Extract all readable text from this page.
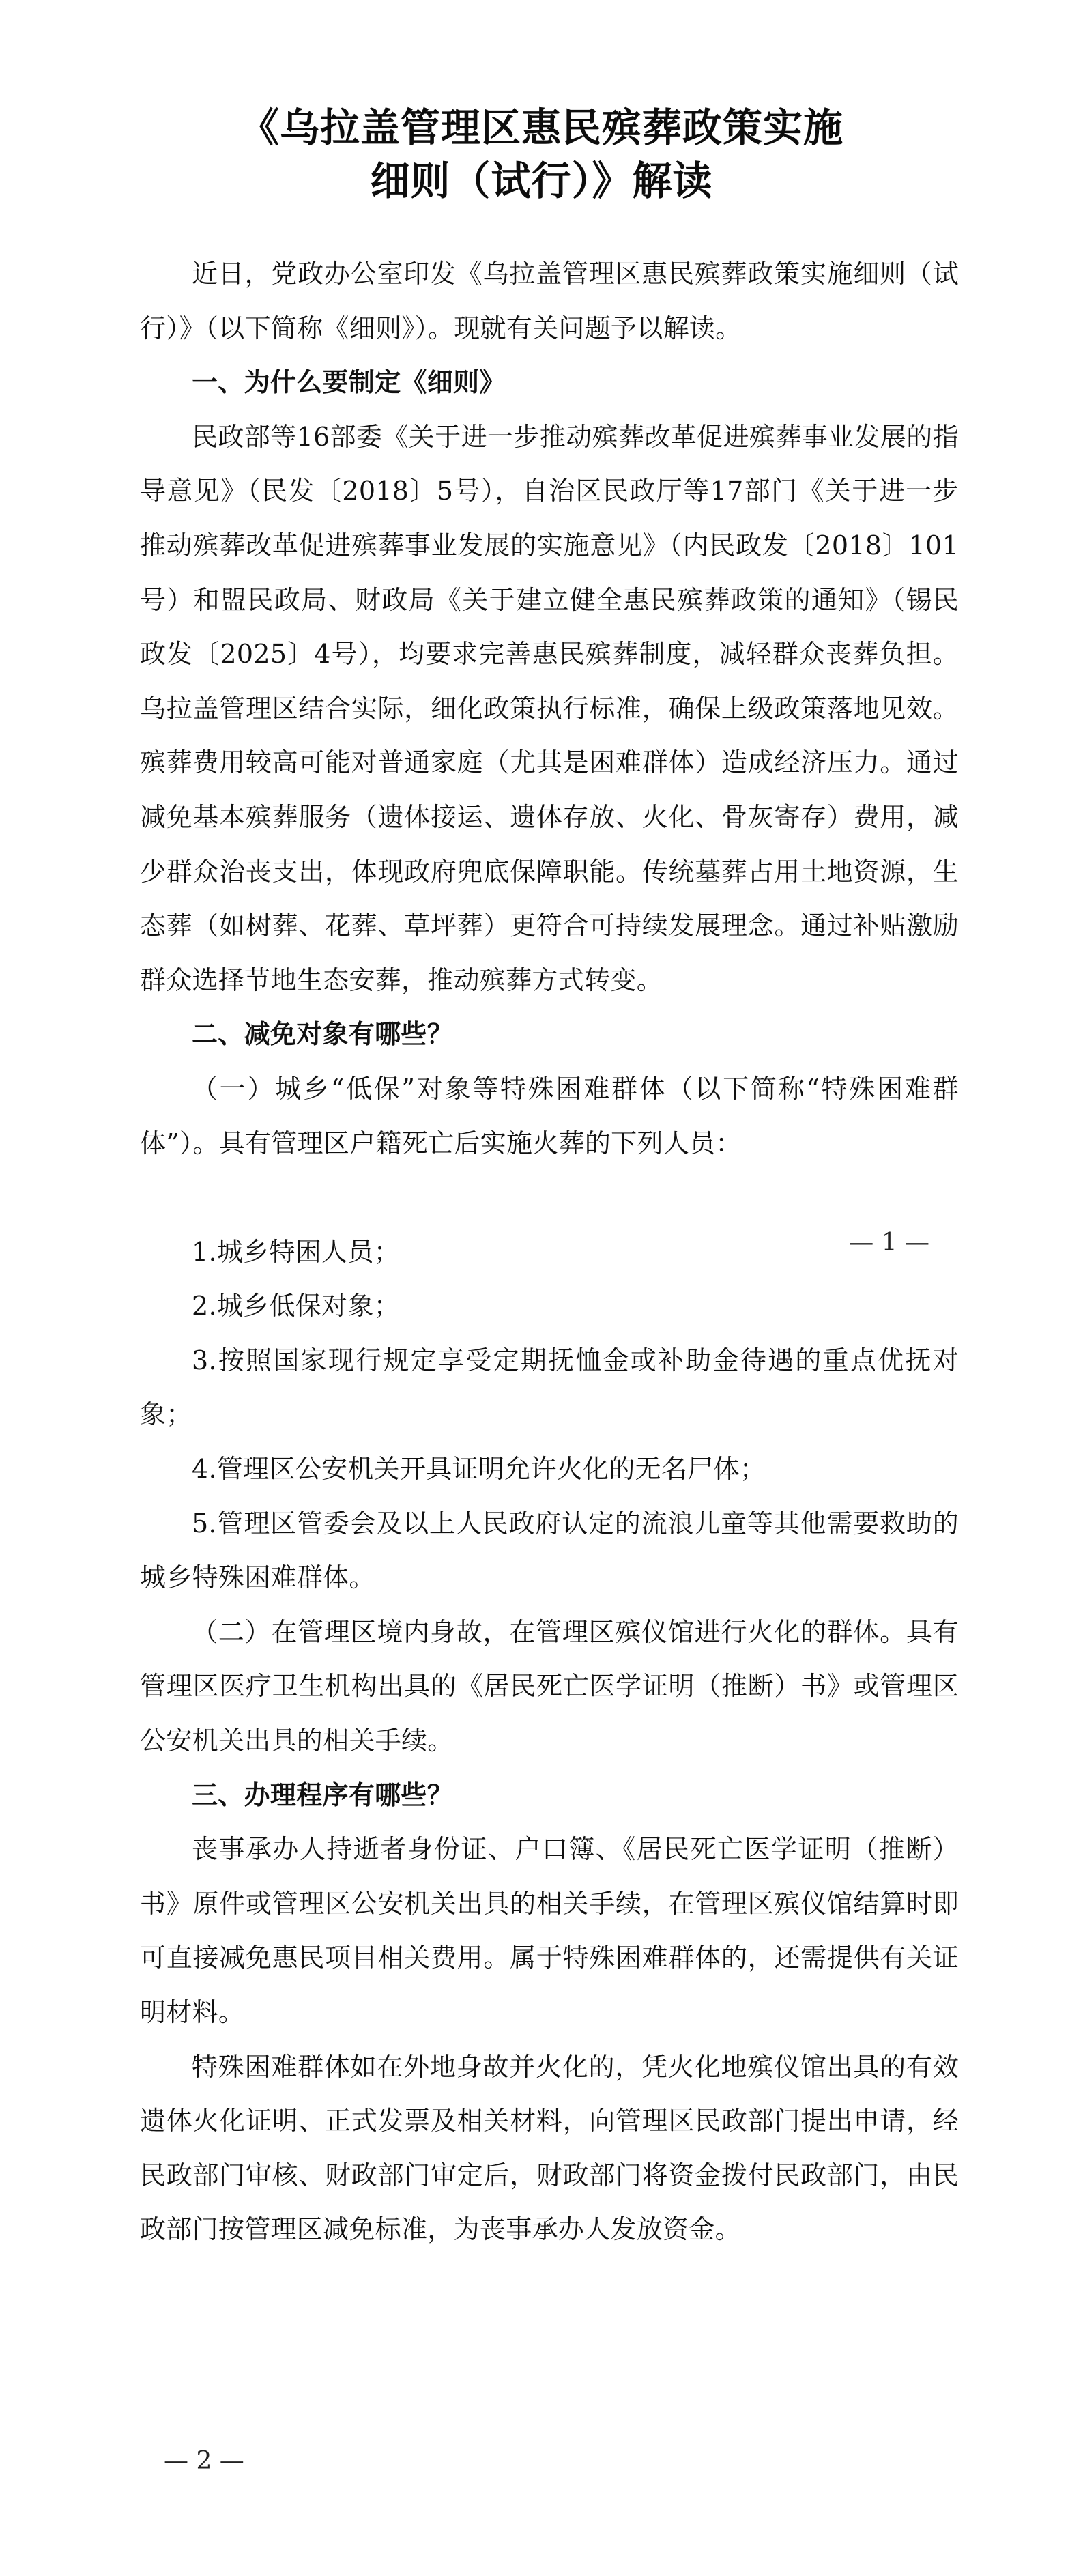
《乌拉盖管理区惠民殡葬政策实施
细则（试行）》解读

近日，党政办公室印发《乌拉盖管理区惠民殡葬政策实施细则（试行）》（以下简称《细则》）。现就有关问题予以解读。

一、为什么要制定《细则》

民政部等16部委《关于进一步推动殡葬改革促进殡葬事业发展的指导意见》（民发〔2018〕5号），自治区民政厅等17部门《关于进一步推动殡葬改革促进殡葬事业发展的实施意见》（内民政发〔2018〕101号）和盟民政局、财政局《关于建立健全惠民殡葬政策的通知》（锡民政发〔2025〕4号），均要求完善惠民殡葬制度，减轻群众丧葬负担。乌拉盖管理区结合实际，细化政策执行标准，确保上级政策落地见效。殡葬费用较高可能对普通家庭（尤其是困难群体）造成经济压力。通过减免基本殡葬服务（遗体接运、遗体存放、火化、骨灰寄存）费用，减少群众治丧支出，体现政府兜底保障职能。传统墓葬占用土地资源，生态葬（如树葬、花葬、草坪葬）更符合可持续发展理念。通过补贴激励群众选择节地生态安葬，推动殡葬方式转变。

二、减免对象有哪些？

（一）城乡“低保”对象等特殊困难群体（以下简称“特殊困难群体”）。具有管理区户籍死亡后实施火葬的下列人员：

1.城乡特困人员；

2.城乡低保对象；

3.按照国家现行规定享受定期抚恤金或补助金待遇的重点优抚对象；

4.管理区公安机关开具证明允许火化的无名尸体；

5.管理区管委会及以上人民政府认定的流浪儿童等其他需要救助的城乡特殊困难群体。

（二）在管理区境内身故，在管理区殡仪馆进行火化的群体。具有管理区医疗卫生机构出具的《居民死亡医学证明（推断）书》或管理区公安机关出具的相关手续。

三、办理程序有哪些？

丧事承办人持逝者身份证、户口簿、《居民死亡医学证明（推断）书》原件或管理区公安机关出具的相关手续，在管理区殡仪馆结算时即可直接减免惠民项目相关费用。属于特殊困难群体的，还需提供有关证明材料。

特殊困难群体如在外地身故并火化的，凭火化地殡仪馆出具的有效遗体火化证明、正式发票及相关材料，向管理区民政部门提出申请，经民政部门审核、财政部门审定后，财政部门将资金拨付民政部门，由民政部门按管理区减免标准，为丧事承办人发放资金。

— 1 —
— 2 —
